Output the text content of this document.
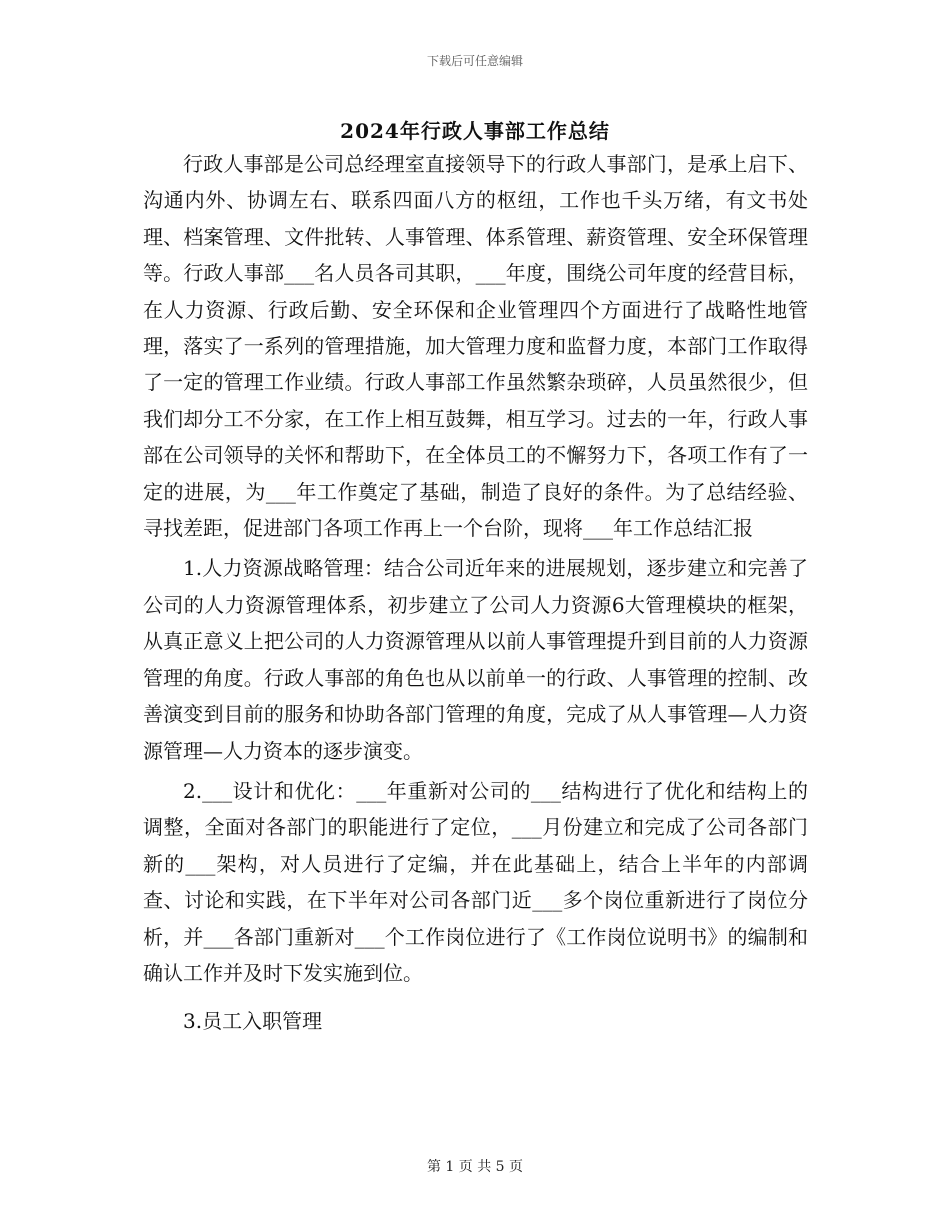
下载后可任意编辑
2024年行政人事部工作总结

行政人事部是公司总经理室直接领导下的行政人事部门，是承上启下、沟通内外、协调左右、联系四面八方的枢纽，工作也千头万绪，有文书处理、档案管理、文件批转、人事管理、体系管理、薪资管理、安全环保管理等。行政人事部___名人员各司其职，___年度，围绕公司年度的经营目标，在人力资源、行政后勤、安全环保和企业管理四个方面进行了战略性地管理，落实了一系列的管理措施，加大管理力度和监督力度，本部门工作取得了一定的管理工作业绩。行政人事部工作虽然繁杂琐碎，人员虽然很少，但我们却分工不分家，在工作上相互鼓舞，相互学习。过去的一年，行政人事部在公司领导的关怀和帮助下，在全体员工的不懈努力下，各项工作有了一定的进展，为___年工作奠定了基础，制造了良好的条件。为了总结经验、寻找差距，促进部门各项工作再上一个台阶，现将___年工作总结汇报

1.人力资源战略管理：结合公司近年来的进展规划，逐步建立和完善了公司的人力资源管理体系，初步建立了公司人力资源6大管理模块的框架，从真正意义上把公司的人力资源管理从以前人事管理提升到目前的人力资源管理的角度。行政人事部的角色也从以前单一的行政、人事管理的控制、改善演变到目前的服务和协助各部门管理的角度，完成了从人事管理—人力资源管理—人力资本的逐步演变。

2.___设计和优化：___年重新对公司的___结构进行了优化和结构上的调整，全面对各部门的职能进行了定位，___月份建立和完成了公司各部门新的___架构，对人员进行了定编，并在此基础上，结合上半年的内部调查、讨论和实践，在下半年对公司各部门近___多个岗位重新进行了岗位分析，并___各部门重新对___个工作岗位进行了《工作岗位说明书》的编制和确认工作并及时下发实施到位。

3.员工入职管理

第 1 页 共 5 页
